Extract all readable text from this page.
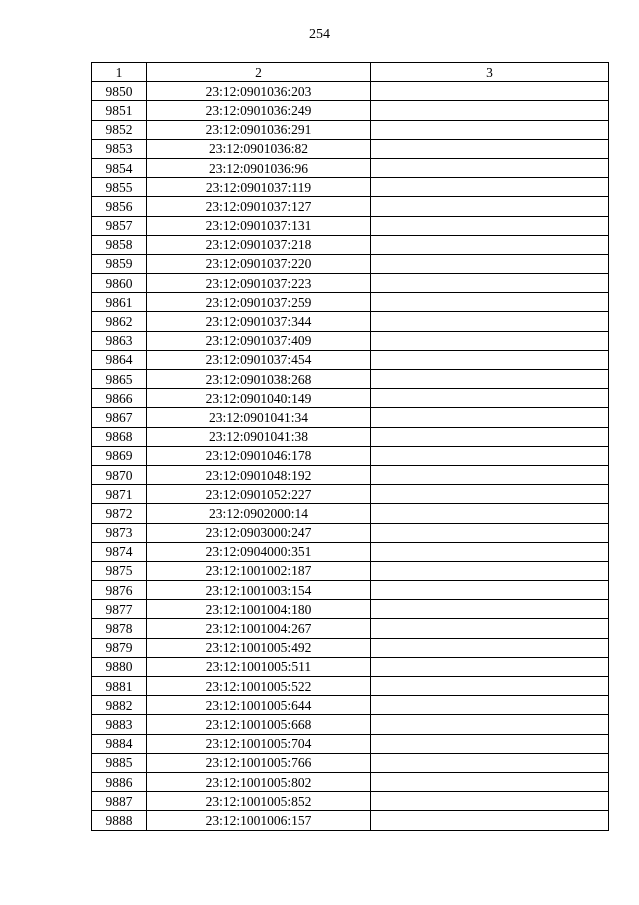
254
1	2	3
9850	23:12:0901036:203	
9851	23:12:0901036:249	
9852	23:12:0901036:291	
9853	23:12:0901036:82	
9854	23:12:0901036:96	
9855	23:12:0901037:119	
9856	23:12:0901037:127	
9857	23:12:0901037:131	
9858	23:12:0901037:218	
9859	23:12:0901037:220	
9860	23:12:0901037:223	
9861	23:12:0901037:259	
9862	23:12:0901037:344	
9863	23:12:0901037:409	
9864	23:12:0901037:454	
9865	23:12:0901038:268	
9866	23:12:0901040:149	
9867	23:12:0901041:34	
9868	23:12:0901041:38	
9869	23:12:0901046:178	
9870	23:12:0901048:192	
9871	23:12:0901052:227	
9872	23:12:0902000:14	
9873	23:12:0903000:247	
9874	23:12:0904000:351	
9875	23:12:1001002:187	
9876	23:12:1001003:154	
9877	23:12:1001004:180	
9878	23:12:1001004:267	
9879	23:12:1001005:492	
9880	23:12:1001005:511	
9881	23:12:1001005:522	
9882	23:12:1001005:644	
9883	23:12:1001005:668	
9884	23:12:1001005:704	
9885	23:12:1001005:766	
9886	23:12:1001005:802	
9887	23:12:1001005:852	
9888	23:12:1001006:157	
